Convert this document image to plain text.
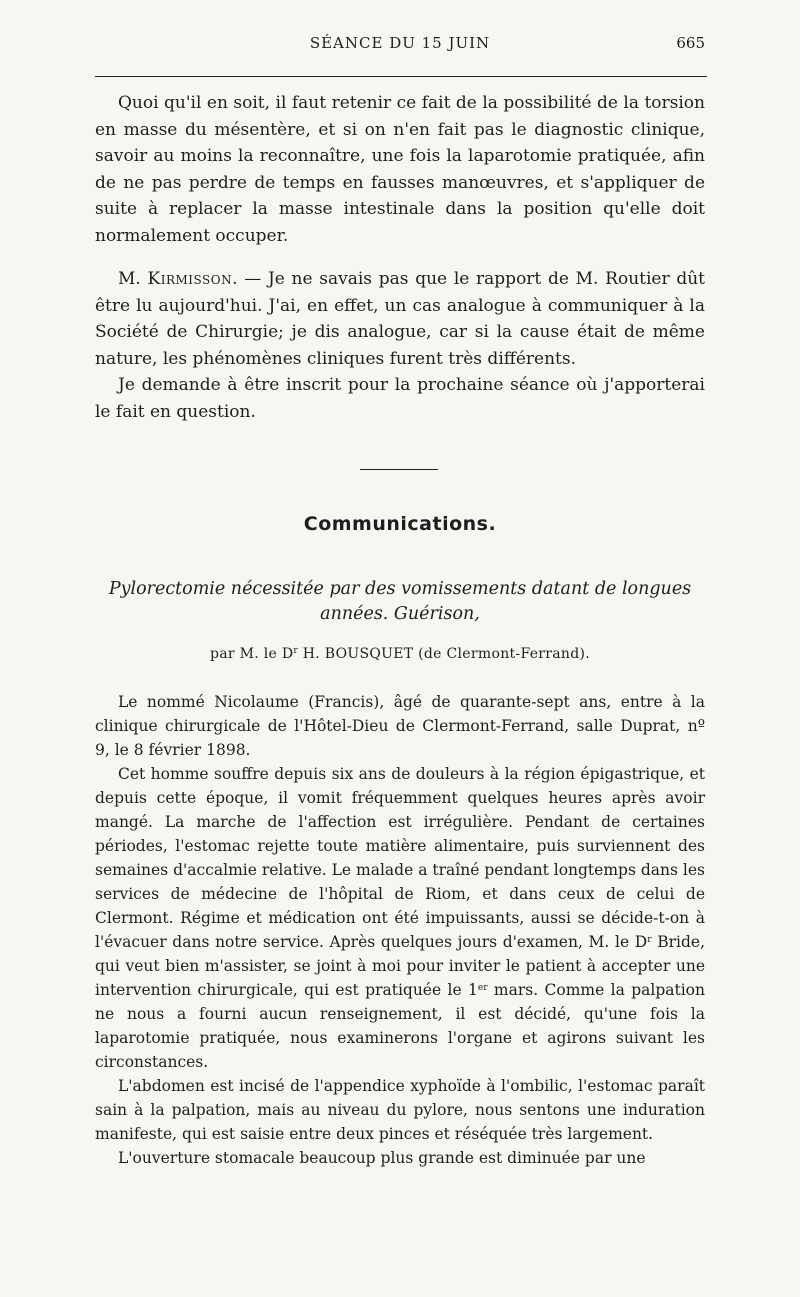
SÉANCE DU 15 JUIN	665

Quoi qu'il en soit, il faut retenir ce fait de la possibilité de la torsion en masse du mésentère, et si on n'en fait pas le diagnostic clinique, savoir au moins la reconnaître, une fois la laparotomie pratiquée, afin de ne pas perdre de temps en fausses manœuvres, et s'appliquer de suite à replacer la masse intestinale dans la position qu'elle doit normalement occuper.

M. Kirmisson. — Je ne savais pas que le rapport de M. Routier dût être lu aujourd'hui. J'ai, en effet, un cas analogue à communiquer à la Société de Chirurgie; je dis analogue, car si la cause était de même nature, les phénomènes cliniques furent très différents.

Je demande à être inscrit pour la prochaine séance où j'apporterai le fait en question.

Communications.
Pylorectomie nécessitée par des vomissements datant de longues années. Guérison,
par M. le $D^r$ H. BOUSQUET (de Clermont-Ferrand).

Le nommé Nicolaume (Francis), âgé de quarante-sept ans, entre à la clinique chirurgicale de l'Hôtel-Dieu de Clermont-Ferrand, salle Duprat, nº 9, le 8 février 1898.

Cet homme souffre depuis six ans de douleurs à la région épigastrique, et depuis cette époque, il vomit fréquemment quelques heures après avoir mangé. La marche de l'affection est irrégulière. Pendant de certaines périodes, l'estomac rejette toute matière alimentaire, puis surviennent des semaines d'accalmie relative. Le malade a traîné pendant longtemps dans les services de médecine de l'hôpital de Riom, et dans ceux de celui de Clermont. Régime et médication ont été impuissants, aussi se décide-t-on à l'évacuer dans notre service. Après quelques jours d'examen, M. le $D^r$ Bride, qui veut bien m'assister, se joint à moi pour inviter le patient à accepter une intervention chirurgicale, qui est pratiquée le 1er mars. Comme la palpation ne nous a fourni aucun renseignement, il est décidé, qu'une fois la laparotomie pratiquée, nous examinerons l'organe et agirons suivant les circonstances.

L'abdomen est incisé de l'appendice xyphoïde à l'ombilic, l'estomac paraît sain à la palpation, mais au niveau du pylore, nous sentons une induration manifeste, qui est saisie entre deux pinces et réséquée très largement.

L'ouverture stomacale beaucoup plus grande est diminuée par une
